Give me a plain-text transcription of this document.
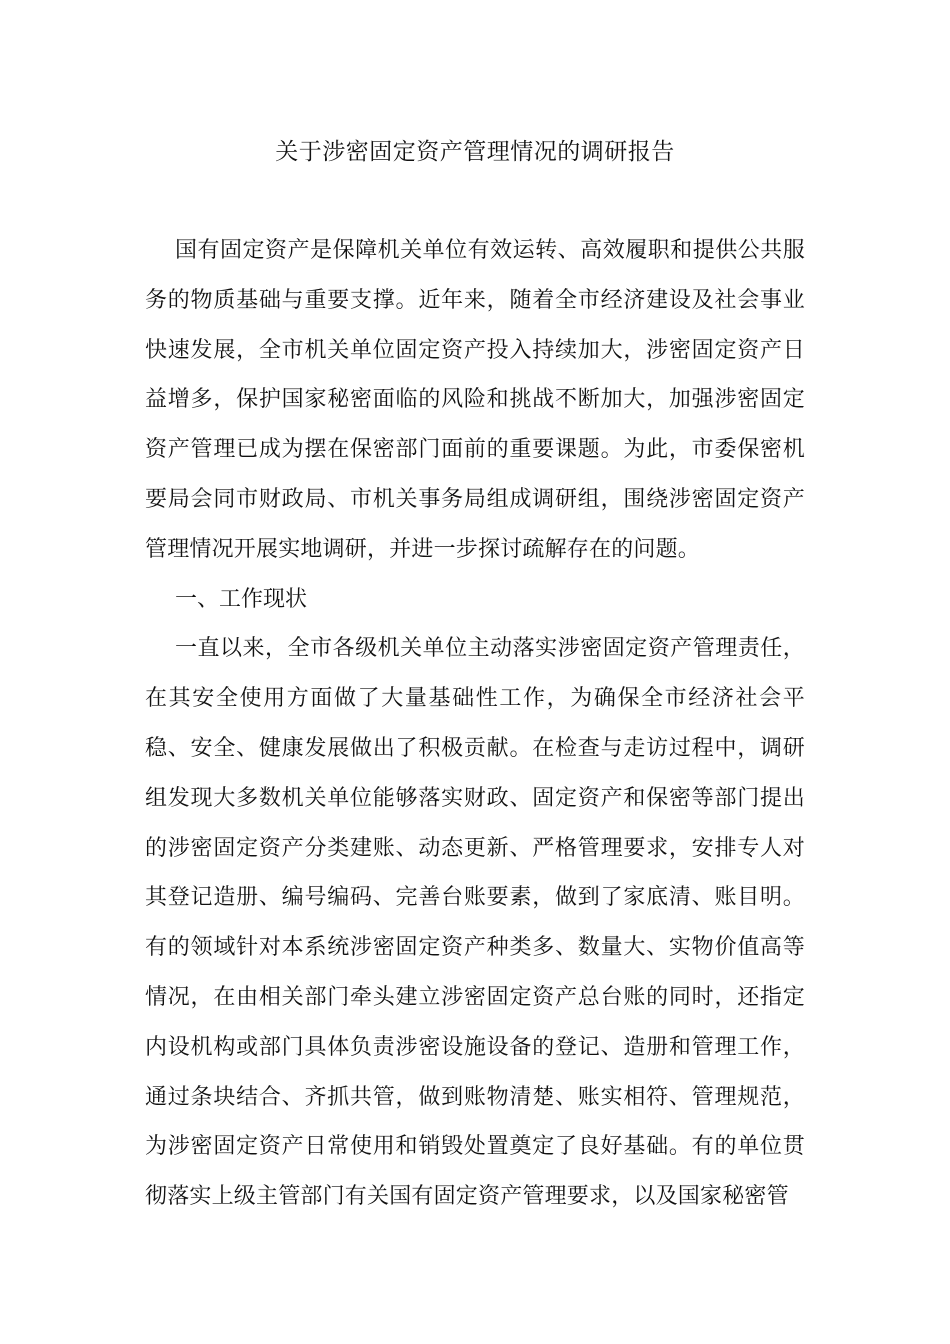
关于涉密固定资产管理情况的调研报告

国有固定资产是保障机关单位有效运转、高效履职和提供公共服务的物质基础与重要支撑。近年来，随着全市经济建设及社会事业快速发展，全市机关单位固定资产投入持续加大，涉密固定资产日益增多，保护国家秘密面临的风险和挑战不断加大，加强涉密固定资产管理已成为摆在保密部门面前的重要课题。为此，市委保密机要局会同市财政局、市机关事务局组成调研组，围绕涉密固定资产管理情况开展实地调研，并进一步探讨疏解存在的问题。

一、工作现状

一直以来，全市各级机关单位主动落实涉密固定资产管理责任，在其安全使用方面做了大量基础性工作，为确保全市经济社会平稳、安全、健康发展做出了积极贡献。在检查与走访过程中，调研组发现大多数机关单位能够落实财政、固定资产和保密等部门提出的涉密固定资产分类建账、动态更新、严格管理要求，安排专人对其登记造册、编号编码、完善台账要素，做到了家底清、账目明。有的领域针对本系统涉密固定资产种类多、数量大、实物价值高等情况，在由相关部门牵头建立涉密固定资产总台账的同时，还指定内设机构或部门具体负责涉密设施设备的登记、造册和管理工作，通过条块结合、齐抓共管，做到账物清楚、账实相符、管理规范，为涉密固定资产日常使用和销毁处置奠定了良好基础。有的单位贯彻落实上级主管部门有关国有固定资产管理要求，以及国家秘密管
